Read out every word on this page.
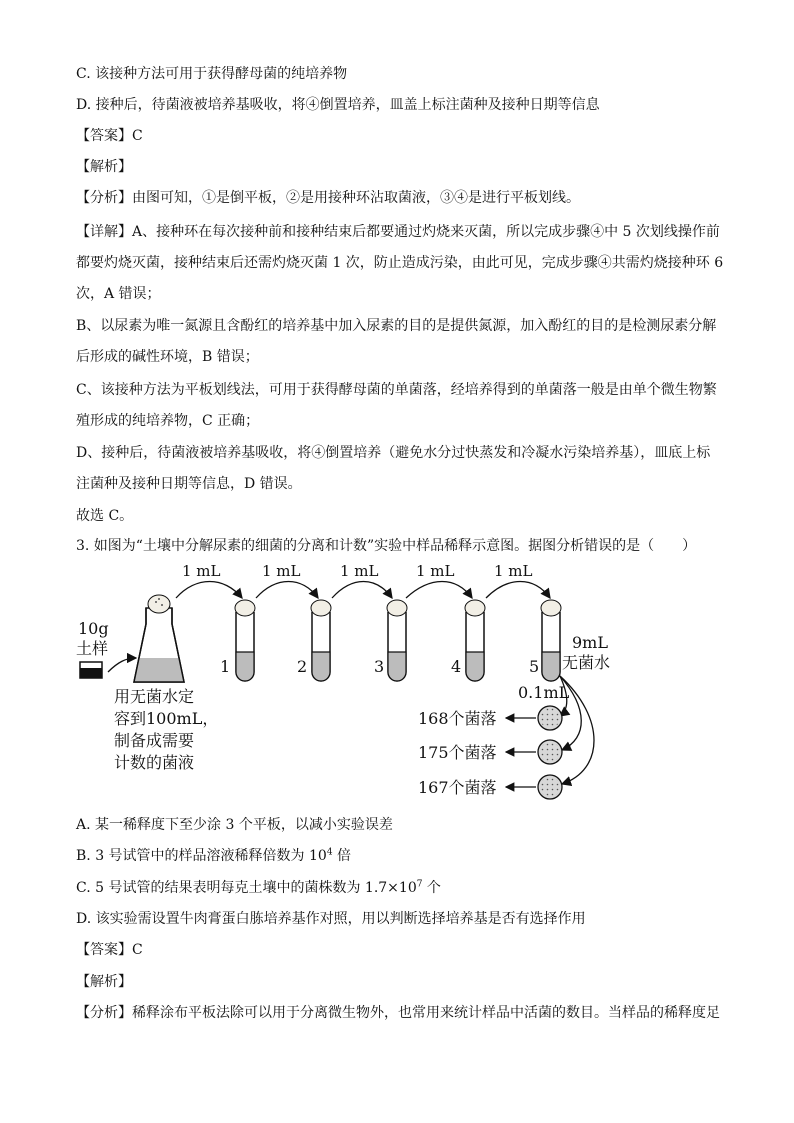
C. 该接种方法可用于获得酵母菌的纯培养物
D. 接种后，待菌液被培养基吸收，将④倒置培养，皿盖上标注菌种及接种日期等信息
【答案】C
【解析】
【分析】由图可知，①是倒平板，②是用接种环沾取菌液，③④是进行平板划线。
【详解】A、接种环在每次接种前和接种结束后都要通过灼烧来灭菌，所以完成步骤④中 5 次划线操作前
都要灼烧灭菌，接种结束后还需灼烧灭菌 1 次，防止造成污染，由此可见，完成步骤④共需灼烧接种环 6
次，A 错误；
B、以尿素为唯一氮源且含酚红的培养基中加入尿素的目的是提供氮源，加入酚红的目的是检测尿素分解
后形成的碱性环境，B 错误；
C、该接种方法为平板划线法，可用于获得酵母菌的单菌落，经培养得到的单菌落一般是由单个微生物繁
殖形成的纯培养物，C 正确；
D、接种后，待菌液被培养基吸收，将④倒置培养（避免水分过快蒸发和冷凝水污染培养基），皿底上标
注菌种及接种日期等信息，D 错误。
故选 C。
3. 如图为“土壤中分解尿素的细菌的分离和计数”实验中样品稀释示意图。据图分析错误的是（　　）
1 mL	1 mL	1 mL	1 mL	1 mL
10g
土样
用无菌水定
容到100mL，
制备成需要
计数的菌液
1	2	3	4	5
9mL
无菌水
0.1mL
168个菌落
175个菌落
167个菌落
A. 某一稀释度下至少涂 3 个平板，以减小实验误差
B. 3 号试管中的样品溶液稀释倍数为 $10^4$ 倍
C. 5 号试管的结果表明每克土壤中的菌株数为 $1.7\times 10^7$ 个
D. 该实验需设置牛肉膏蛋白胨培养基作对照，用以判断选择培养基是否有选择作用
【答案】C
【解析】
【分析】稀释涂布平板法除可以用于分离微生物外，也常用来统计样品中活菌的数目。当样品的稀释度足
